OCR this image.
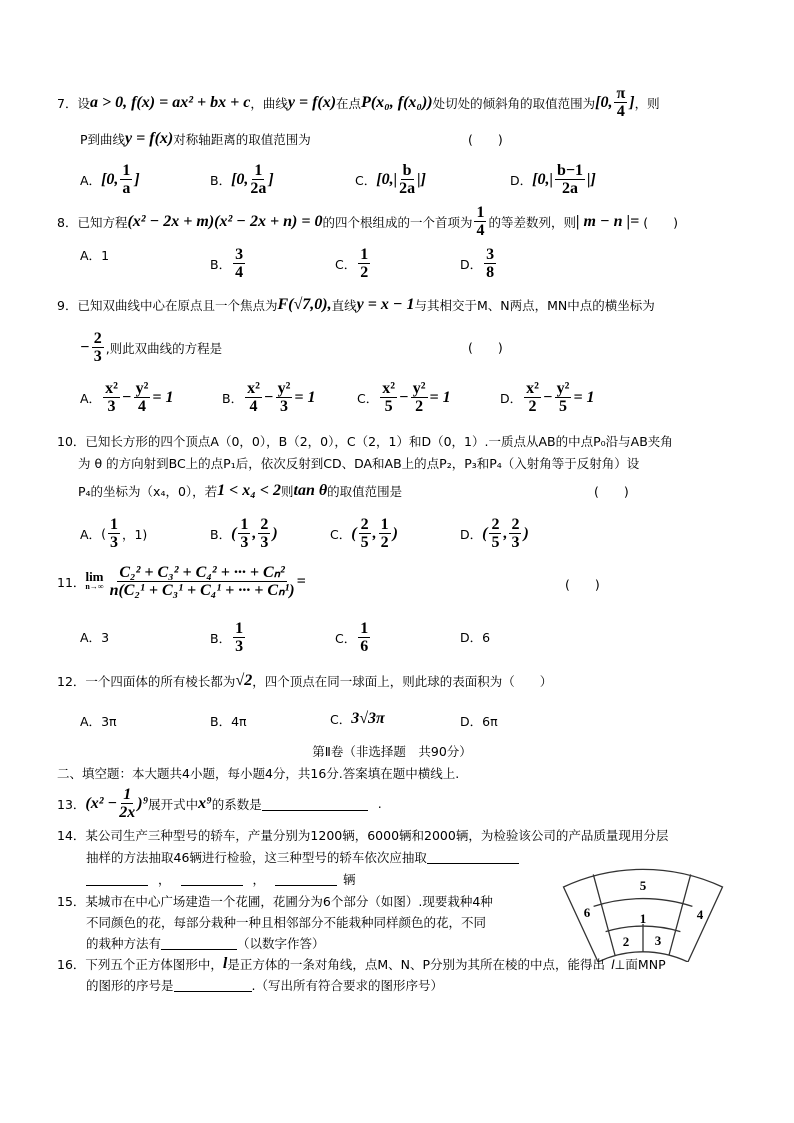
7． 设 a > 0, f(x) = ax² + bx + c ，曲线 y = f(x) 在点 P(x₀, f(x₀)) 处切处的倾斜角的取值范围为 [0, $\frac{\pi}{4}$ ] ，则
P到曲线 y = f(x) 对称轴距离的取值范围为	(　　)
A． [0, $\frac{1}{a}$ ]	B． [0, $\frac{1}{2a}$ ]	C． [$0,| \frac{b}{2a}$ |]	D． [$0,| \frac{b-1}{2a}$ |]
8． 已知方程 (x² − 2x + m)(x² − 2x + n) = 0 的四个根组成的一个首项为 $\frac{1}{4}$ 的等差数列，则 | m − n |= (　　)
A． 1
B． $\frac{3}{4}$	C． $\frac{1}{2}$	D． $\frac{3}{8}$
9． 已知双曲线中心在原点且一个焦点为 F(√7,0), 直线 y = x − 1 与其相交于M、N两点，MN中点的横坐标为
− $\frac{2}{3}$ ,则此双曲线的方程是	(　　)
A． $\frac{\text{x²}}{3} - \frac{\text{y²}}{4} = 1$	B． $\frac{\text{x²}}{4} - \frac{\text{y²}}{3} = 1$	C． $\frac{\text{x²}}{5} - \frac{\text{y²}}{2} = 1$	D． $\frac{\text{x²}}{2} - \frac{\text{y²}}{5} = 1$
10． 已知长方形的四个顶点A（0，0），B（2，0），C（2，1）和D（0，1）.一质点从AB的中点P₀沿与AB夹角
为 θ 的方向射到BC上的点P₁后，依次反射到CD、DA和AB上的点P₂，P₃和P₄（入射角等于反射角）设
P₄的坐标为（x₄，0），若 1 < x₄ < 2 则 tan θ 的取值范围是	(　　)
A． ( $\frac{1}{3}$ ，1)	B． ( $\frac{1}{3}$ , $\frac{2}{3}$ )	C． ( $\frac{2}{5}$ , $\frac{1}{2}$ )	D． ( $\frac{2}{5}$ , $\frac{2}{3}$ )
11． lim
$n\to\infty \frac{\text{C₂² + C₃² + C₄² + ··· + Cₙ²}}{\text{n(C₂¹ + C₃¹ + C₄¹ + ··· + Cₙ¹)}}$ =	(　　)
A． 3	B． $\frac{1}{3}$	C． $\frac{1}{6}$	D． 6
12． 一个四面体的所有棱长都为 √2 ，四个顶点在同一球面上，则此球的表面积为（　　）
A． 3π	B． 4π	C． 3√3π	D． 6π
第Ⅱ卷（非选择题　共90分）
二、填空题：本大题共4小题，每小题4分，共16分.答案填在题中横线上.
13． $(x^2 - \frac{1}{2x} )^9$ 展开式中 x⁹ 的系数是	.
14． 某公司生产三种型号的轿车，产量分别为1200辆，6000辆和2000辆，为检验该公司的产品质量现用分层
抽样的方法抽取46辆进行检验，这三种型号的轿车依次应抽取
，	，	辆
15． 某城市在中心广场建造一个花圃，花圃分为6个部分（如图）.现要栽种4种
不同颜色的花，每部分栽种一种且相邻部分不能栽种同样颜色的花，不同
的栽种方法有	（以数字作答）
1
2 3
4
5
6
16． 下列五个正方体图形中， l 是正方体的一条对角线，点M、N、P分别为其所在棱的中点，能得出 l ⊥面MNP
的图形的序号是	.（写出所有符合要求的图形序号）
